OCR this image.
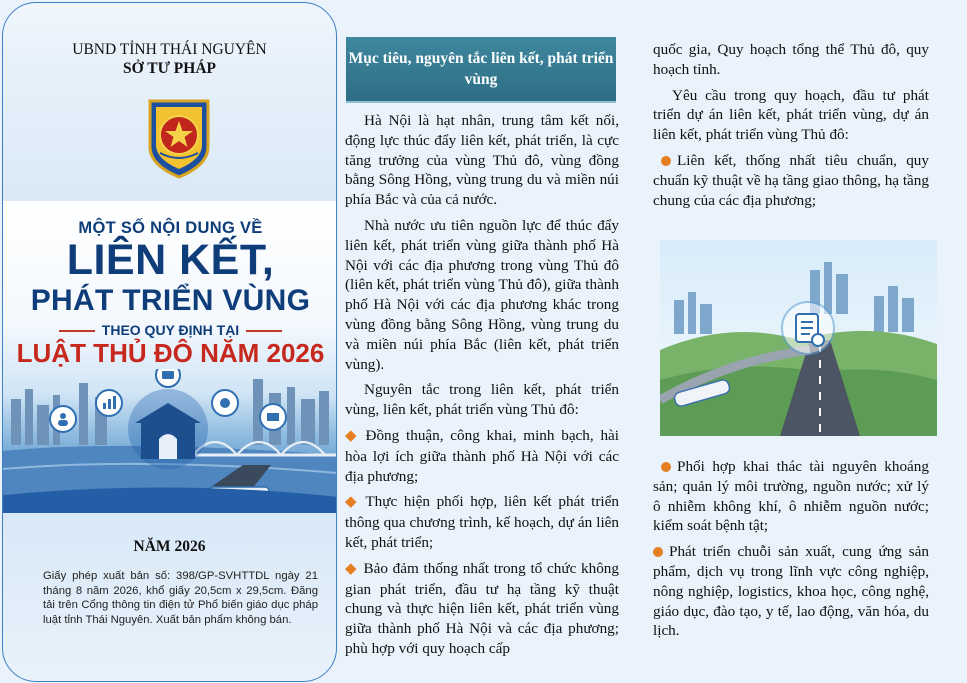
UBND TỈNH THÁI NGUYÊN
SỞ TƯ PHÁP
MỘT SỐ NỘI DUNG VỀ
LIÊN KẾT,
PHÁT TRIỂN VÙNG
THEO QUY ĐỊNH TẠI
LUẬT THỦ ĐÔ NĂM 2026
NĂM 2026
Giấy phép xuất bản số: 398/GP-SVHTTDL ngày 21 tháng 8 năm 2026, khổ giấy 20,5cm x 29,5cm. Đăng tải trên Cổng thông tin điện tử Phổ biến giáo dục pháp luật tỉnh Thái Nguyên. Xuất bản phẩm không bán.
Mục tiêu, nguyên tắc liên kết, phát triển vùng

Hà Nội là hạt nhân, trung tâm kết nối, động lực thúc đẩy liên kết, phát triển, là cực tăng trưởng của vùng Thủ đô, vùng đồng bằng Sông Hồng, vùng trung du và miền núi phía Bắc và của cả nước.

Nhà nước ưu tiên nguồn lực để thúc đẩy liên kết, phát triển vùng giữa thành phố Hà Nội với các địa phương trong vùng Thủ đô (liên kết, phát triển vùng Thủ đô), giữa thành phố Hà Nội với các địa phương khác trong vùng đồng bằng Sông Hồng, vùng trung du và miền núi phía Bắc (liên kết, phát triển vùng).

Nguyên tắc trong liên kết, phát triển vùng, liên kết, phát triển vùng Thủ đô:

◆ Đồng thuận, công khai, minh bạch, hài hòa lợi ích giữa thành phố Hà Nội với các địa phương;

◆ Thực hiện phối hợp, liên kết phát triển thông qua chương trình, kế hoạch, dự án liên kết, phát triển;

◆ Bảo đảm thống nhất trong tổ chức không gian phát triển, đầu tư hạ tầng kỹ thuật chung và thực hiện liên kết, phát triển vùng giữa thành phố Hà Nội và các địa phương; phù hợp với quy hoạch cấp

quốc gia, Quy hoạch tổng thể Thủ đô, quy hoạch tỉnh.

Yêu cầu trong quy hoạch, đầu tư phát triển dự án liên kết, phát triển vùng, dự án liên kết, phát triển vùng Thủ đô:

Liên kết, thống nhất tiêu chuẩn, quy chuẩn kỹ thuật về hạ tầng giao thông, hạ tầng chung của các địa phương;

Phối hợp khai thác tài nguyên khoáng sản; quản lý môi trường, nguồn nước; xử lý ô nhiễm không khí, ô nhiễm nguồn nước; kiểm soát bệnh tật;

Phát triển chuỗi sản xuất, cung ứng sản phẩm, dịch vụ trong lĩnh vực công nghiệp, nông nghiệp, logistics, khoa học, công nghệ, giáo dục, đào tạo, y tế, lao động, văn hóa, du lịch.
